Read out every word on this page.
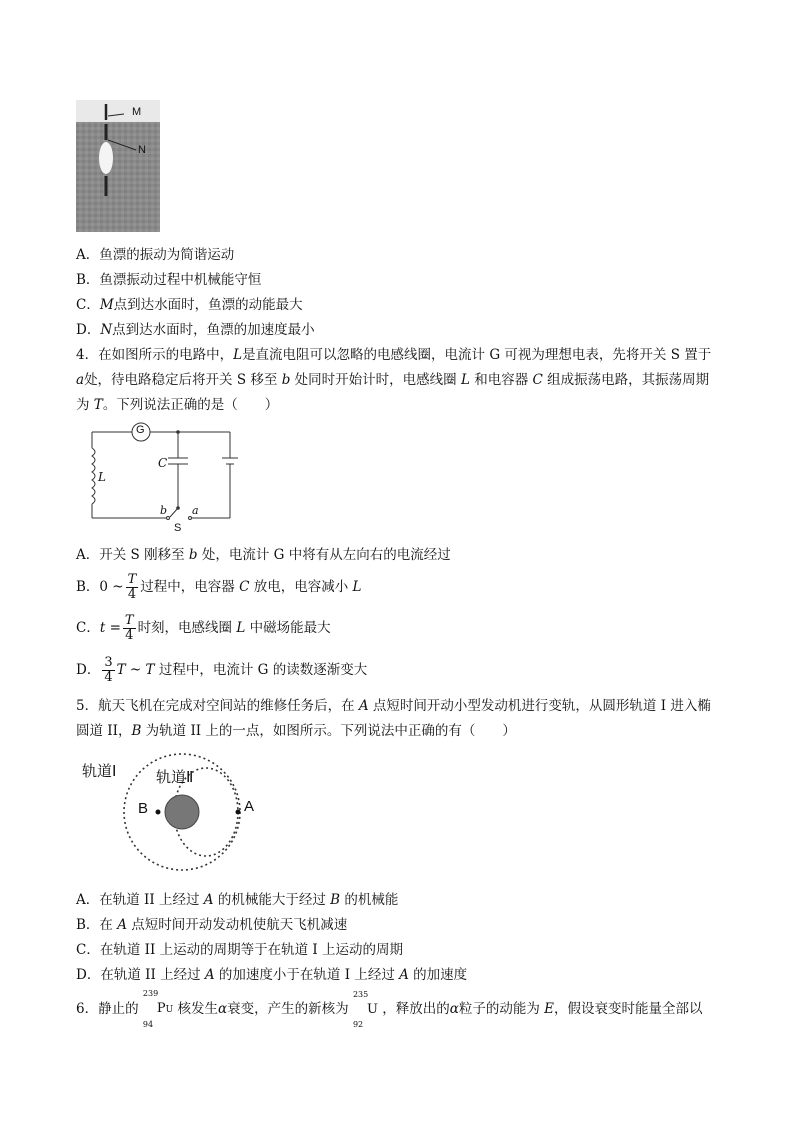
M
N
A．鱼漂的振动为简谐运动
B．鱼漂振动过程中机械能守恒
C．M点到达水面时，鱼漂的动能最大
D．N点到达水面时，鱼漂的加速度最小
4．在如图所示的电路中，L是直流电阻可以忽略的电感线圈，电流计 G 可视为理想电表，先将开关 S 置于
a处，待电路稳定后将开关 S 移至 b 处同时开始计时，电感线圈 L 和电容器 C 组成振荡电路，其振荡周期
为 T。下列说法正确的是（　　）
G
C
L
b a
S
A．开关 S 刚移至 b 处，电流计 G 中将有从左向右的电流经过
B．0 ~ $\frac{T}{4}$ 过程中，电容器 C 放电，电容减小 L
C．$t = \frac{T}{4}$ 时刻，电感线圈 L 中磁场能最大
D． $\frac{3}{4}$ T ~ T 过程中，电流计 G 的读数逐渐变大
5．航天飞机在完成对空间站的维修任务后，在 A 点短时间开动小型发动机进行变轨，从圆形轨道 I 进入椭
圆道 II，B 为轨道 II 上的一点，如图所示。下列说法中正确的有（　　）
轨道Ⅰ	轨道Ⅱ
B	A
A．在轨道 II 上经过 A 的机械能大于经过 B 的机械能
B．在 A 点短时间开动发动机使航天飞机减速
C．在轨道 II 上运动的周期等于在轨道 I 上运动的周期
D．在轨道 II 上经过 A 的加速度小于在轨道 I 上经过 A 的加速度
6．静止的
239
94
PU 核发生α衰变，产生的新核为
235
92
U ，释放出的α粒子的动能为 E，假设衰变时能量全部以
